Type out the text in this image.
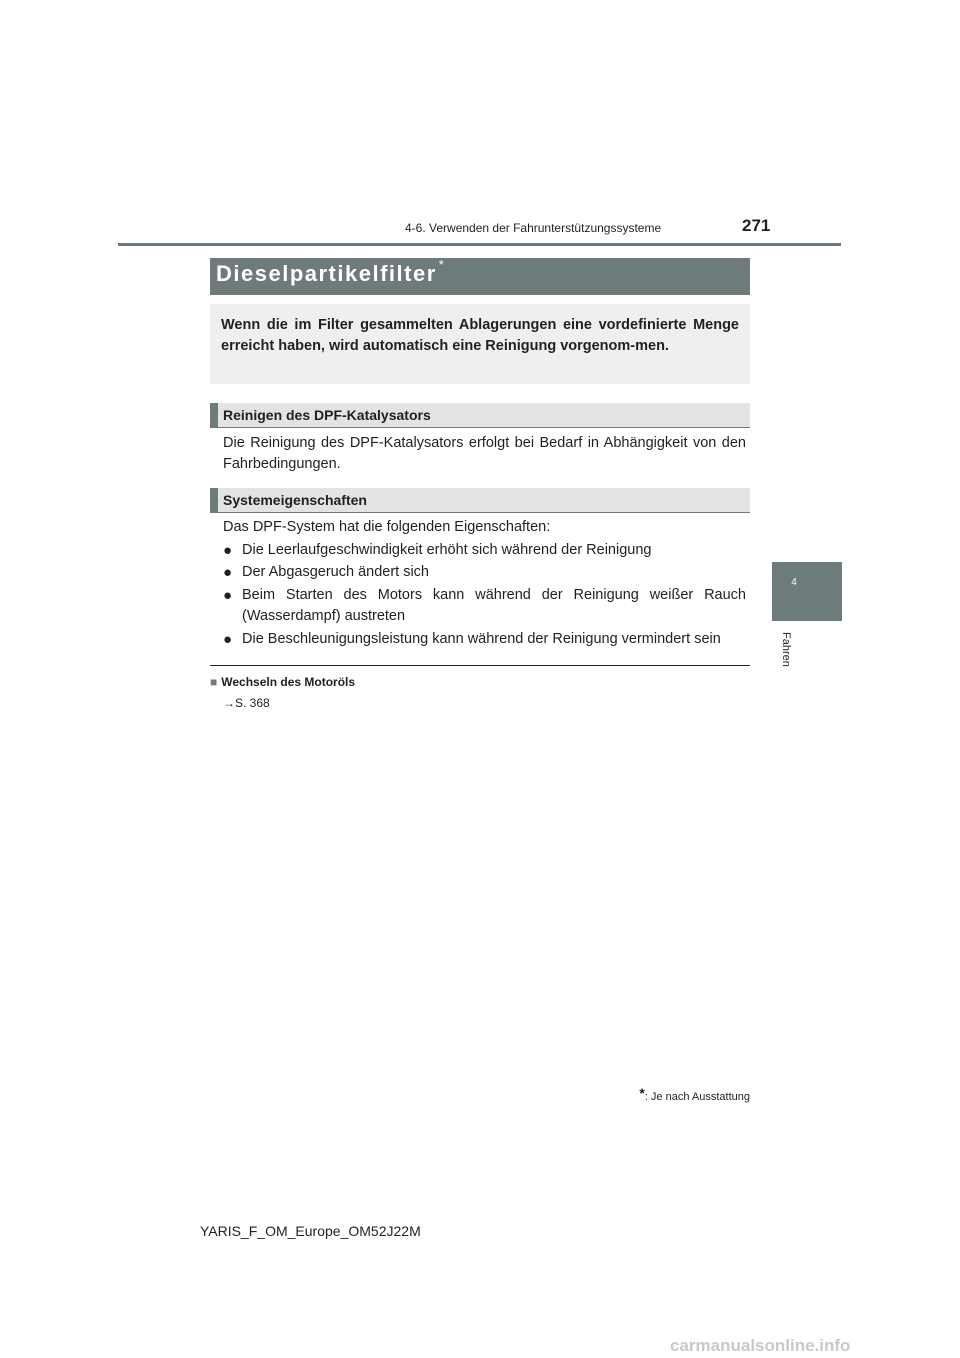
4-6. Verwenden der Fahrunterstützungssysteme	271
4
Fahren
Dieselpartikelfilter *
Wenn die im Filter gesammelten Ablagerungen eine vordefinierte Menge erreicht haben, wird automatisch eine Reinigung vorgenom-men.
Reinigen des DPF-Katalysators
Die Reinigung des DPF-Katalysators erfolgt bei Bedarf in Abhängigkeit von den Fahrbedingungen.
Systemeigenschaften
Das DPF-System hat die folgenden Eigenschaften:
● Die Leerlaufgeschwindigkeit erhöht sich während der Reinigung
● Der Abgasgeruch ändert sich
● Beim Starten des Motors kann während der Reinigung weißer Rauch (Wasserdampf) austreten
● Die Beschleunigungsleistung kann während der Reinigung vermindert sein
■ Wechseln des Motoröls
→S. 368
*: Je nach Ausstattung
YARIS_F_OM_Europe_OM52J22M
carmanualsonline.info
